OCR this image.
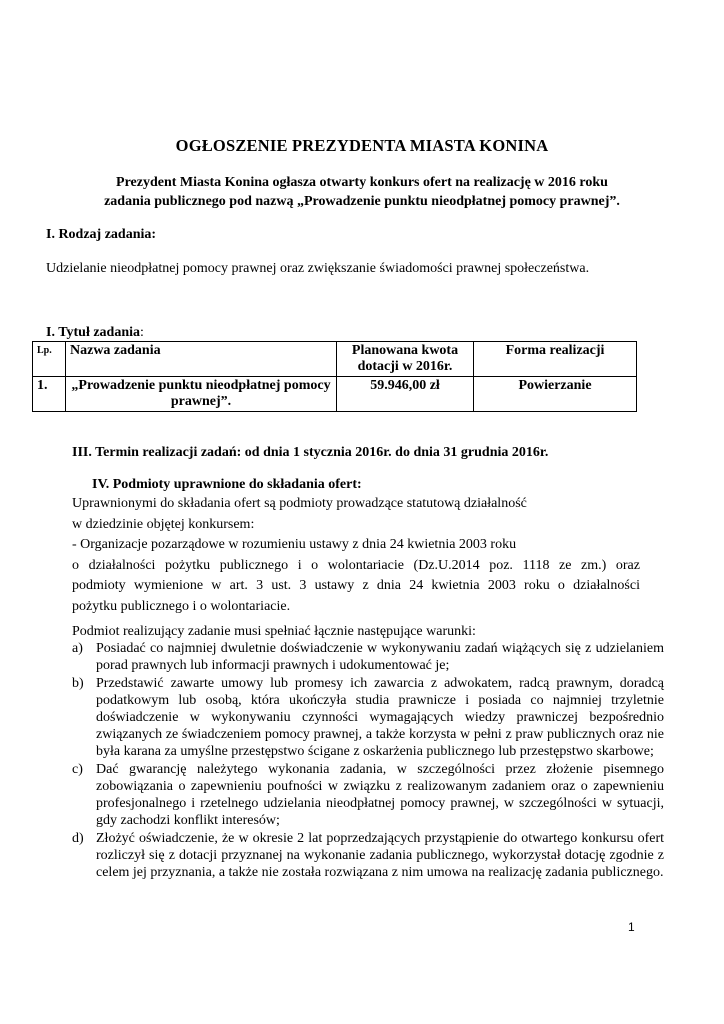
OGŁOSZENIE PREZYDENTA MIASTA KONINA
Prezydent Miasta Konina ogłasza otwarty konkurs ofert na realizację w 2016 roku
zadania publicznego pod nazwą „Prowadzenie punktu nieodpłatnej pomocy prawnej”.
I. Rodzaj zadania:
Udzielanie nieodpłatnej pomocy prawnej oraz zwiększanie świadomości prawnej społeczeństwa.
I. Tytuł zadania:
Lp.	Nazwa zadania	Planowana kwota dotacji w 2016r.	Forma realizacji
1.	„Prowadzenie punktu nieodpłatnej pomocy prawnej”.	59.946,00 zł	Powierzanie
III. Termin realizacji zadań: od dnia 1 stycznia 2016r. do dnia 31 grudnia 2016r.
IV. Podmioty uprawnione do składania ofert:
Uprawnionymi do składania ofert są podmioty prowadzące statutową działalność
w dziedzinie objętej konkursem:
- Organizacje pozarządowe w rozumieniu ustawy z dnia 24 kwietnia 2003 roku
o działalności pożytku publicznego i o wolontariacie (Dz.U.2014 poz. 1118 ze zm.) oraz
podmioty wymienione w art. 3 ust. 3 ustawy z dnia 24 kwietnia 2003 roku o działalności
pożytku publicznego i o wolontariacie.
Podmiot realizujący zadanie musi spełniać łącznie następujące warunki:
a) Posiadać co najmniej dwuletnie doświadczenie w wykonywaniu zadań wiążących się z udzielaniem porad prawnych lub informacji prawnych i udokumentować je;
b) Przedstawić zawarte umowy lub promesy ich zawarcia z adwokatem, radcą prawnym, doradcą podatkowym lub osobą, która ukończyła studia prawnicze i posiada co najmniej trzyletnie doświadczenie w wykonywaniu czynności wymagających wiedzy prawniczej bezpośrednio związanych ze świadczeniem pomocy prawnej, a także korzysta w pełni z praw publicznych oraz nie była karana za umyślne przestępstwo ścigane z oskarżenia publicznego lub przestępstwo skarbowe;
c) Dać gwarancję należytego wykonania zadania, w szczególności przez złożenie pisemnego zobowiązania o zapewnieniu poufności w związku z realizowanym zadaniem oraz o zapewnieniu profesjonalnego i rzetelnego udzielania nieodpłatnej pomocy prawnej, w szczególności w sytuacji, gdy zachodzi konflikt interesów;
d) Złożyć oświadczenie, że w okresie 2 lat poprzedzających przystąpienie do otwartego konkursu ofert rozliczył się z dotacji przyznanej na wykonanie zadania publicznego, wykorzystał dotację zgodnie z celem jej przyznania, a także nie została rozwiązana z nim umowa na realizację zadania publicznego.
1
